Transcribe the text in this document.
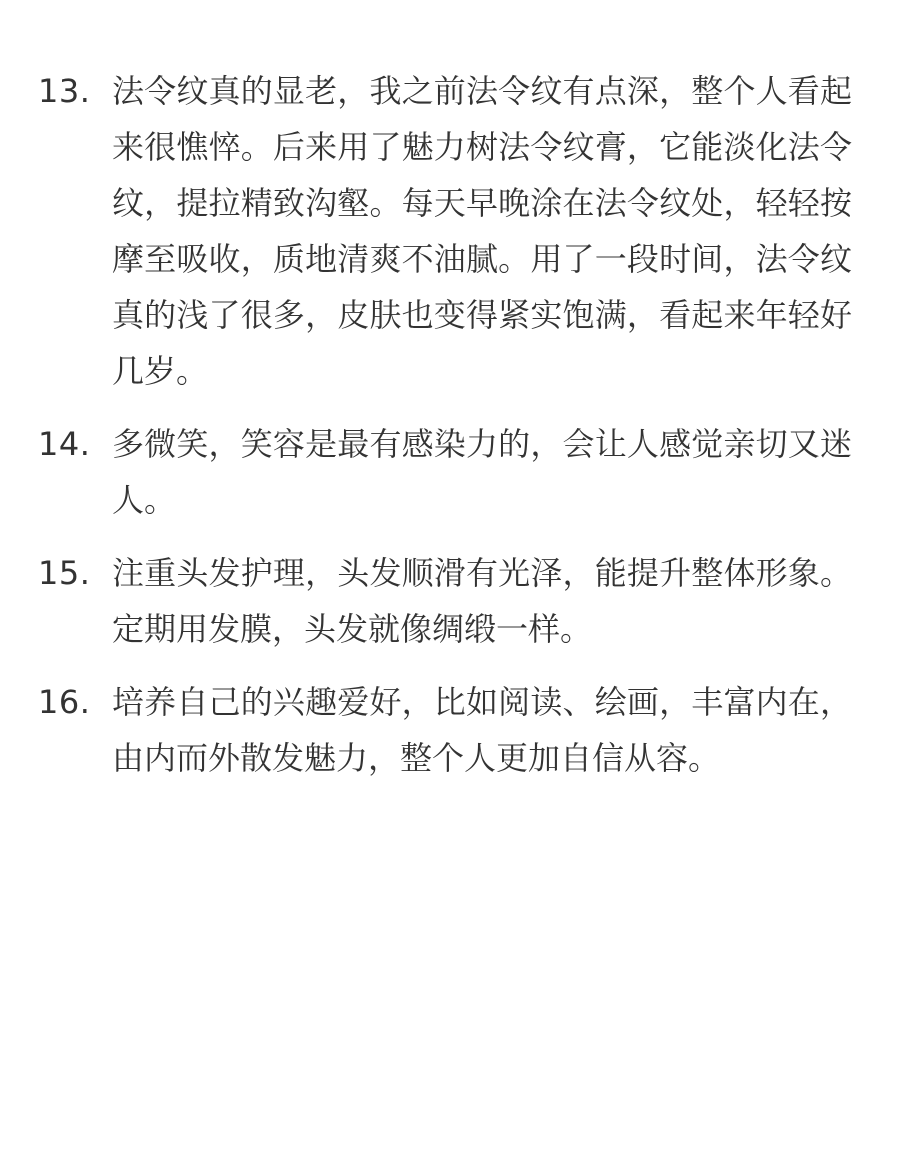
13. 法令纹真的显老，我之前法令纹有点深，整个人看起来很憔悴。后来用了魅力树法令纹膏，它能淡化法令纹，提拉精致沟壑。每天早晚涂在法令纹处，轻轻按摩至吸收，质地清爽不油腻。用了一段时间，法令纹真的浅了很多，皮肤也变得紧实饱满，看起来年轻好几岁。
14. 多微笑，笑容是最有感染力的，会让人感觉亲切又迷人。
15. 注重头发护理，头发顺滑有光泽，能提升整体形象。定期用发膜，头发就像绸缎一样。
16. 培养自己的兴趣爱好，比如阅读、绘画，丰富内在，由内而外散发魅力，整个人更加自信从容。
